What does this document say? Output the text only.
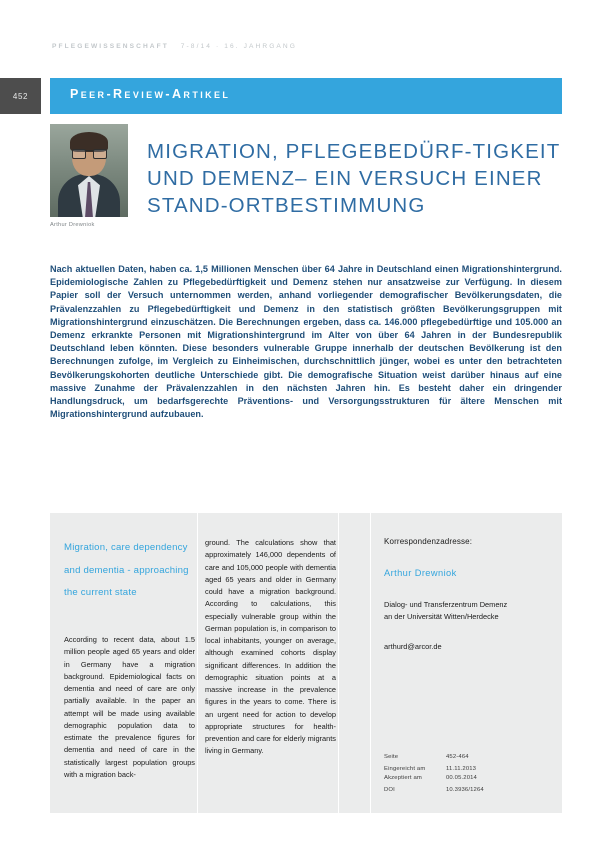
PFLEGEWISSENSCHAFT 7-8/14 · 16. JAHRGANG
452	Peer-Review-Artikel
Arthur Drewniok
MIGRATION, PFLEGEBEDÜRF-TIGKEIT UND DEMENZ– EIN VERSUCH EINER STAND-ORTBESTIMMUNG
Nach aktuellen Daten, haben ca. 1,5 Millionen Menschen über 64 Jahre in Deutschland einen Migrationshintergrund. Epidemiologische Zahlen zu Pflegebedürftigkeit und Demenz stehen nur ansatzweise zur Verfügung. In diesem Papier soll der Versuch unternommen werden, anhand vorliegender demografischer Bevölkerungsdaten, die Prävalenzzahlen zu Pflegebedürftigkeit und Demenz in den statistisch größten Bevölkerungsgruppen mit Migrationshintergrund einzuschätzen. Die Berechnungen ergeben, dass ca. 146.000 pflegebedürftige und 105.000 an Demenz erkrankte Personen mit Migrationshintergrund im Alter von über 64 Jahren in der Bundesrepublik Deutschland leben könnten. Diese besonders vulnerable Gruppe innerhalb der deutschen Bevölkerung ist den Berechnungen zufolge, im Vergleich zu Einheimischen, durchschnittlich jünger, wobei es unter den betrachteten Bevölkerungskohorten deutliche Unterschiede gibt. Die demografische Situation weist darüber hinaus auf eine massive Zunahme der Prävalenzzahlen in den nächsten Jahren hin. Es besteht daher ein dringender Handlungsdruck, um bedarfsgerechte Präventions- und Versorgungsstrukturen für ältere Menschen mit Migrationshintergrund aufzubauen.
Migration, care dependency and dementia - approaching the current state
According to recent data, about 1.5 million people aged 65 years and older in Germany have a migration background. Epidemiological facts on dementia and need of care are only partially available. In the paper an attempt will be made using available demographic population data to estimate the prevalence figures for dementia and need of care in the statistically largest population groups with a migration back-
ground. The calculations show that approximately 146,000 dependents of care and 105,000 people with dementia aged 65 years and older in Germany could have a migration background. According to calculations, this especially vulnerable group within the German population is, in comparison to local inhabitants, younger on average, although examined cohorts display significant differences. In addition the demographic situation points at a massive increase in the prevalence figures in the years to come. There is an urgent need for action to develop appropriate structures for health-prevention and care for elderly migrants living in Germany.
Korrespondenzadresse:
Arthur Drewniok
Dialog- und Transferzentrum Demenz
an der Universität Witten/Herdecke
arthurd@arcor.de
Seite	452-464
Eingereicht am	11.11.2013
Akzeptiert am	00.05.2014
DOI	10.3936/1264
